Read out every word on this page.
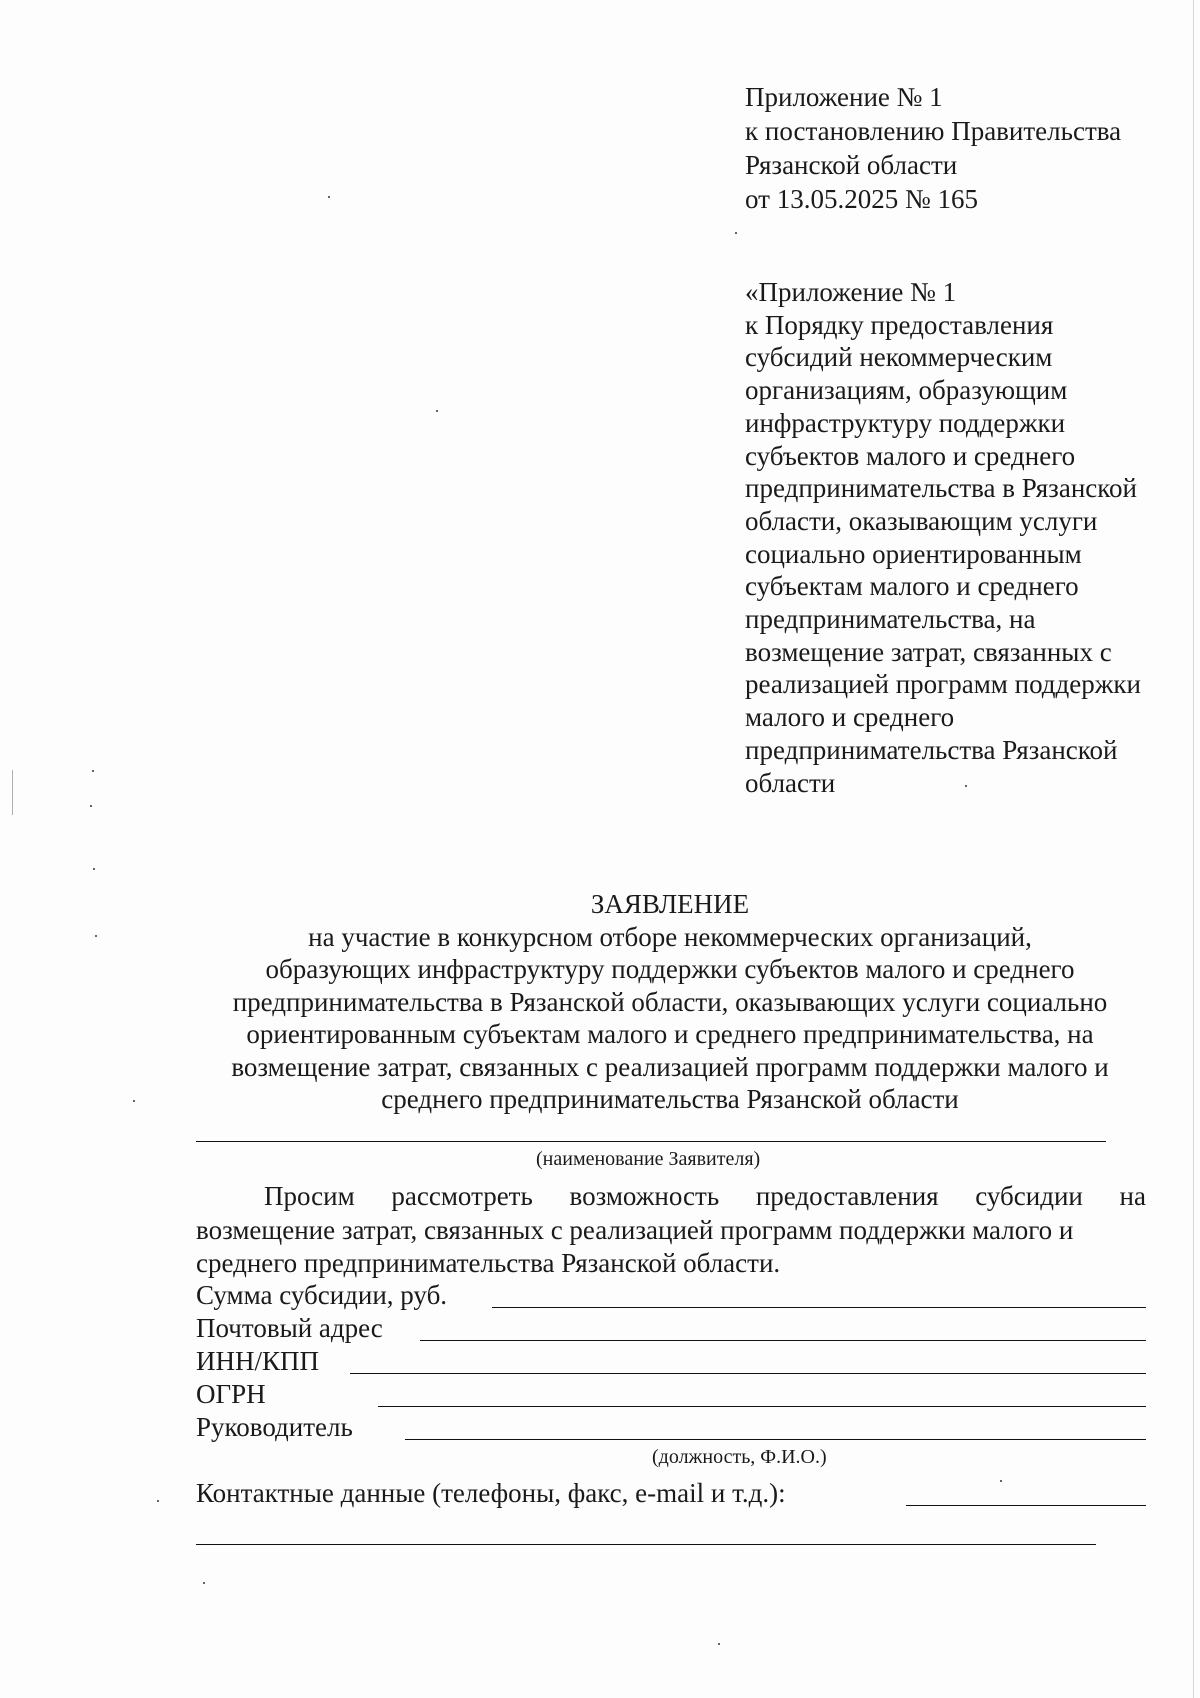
Приложение № 1
к постановлению Правительства
Рязанской области
от 13.05.2025 № 165
«Приложение № 1
к Порядку предоставления
субсидий некоммерческим
организациям, образующим
инфраструктуру поддержки
субъектов малого и среднего
предпринимательства в Рязанской
области, оказывающим услуги
социально ориентированным
субъектам малого и среднего
предпринимательства, на
возмещение затрат, связанных с
реализацией программ поддержки
малого и среднего
предпринимательства Рязанской
области
ЗАЯВЛЕНИЕ
на участие в конкурсном отборе некоммерческих организаций,
образующих инфраструктуру поддержки субъектов малого и среднего
предпринимательства в Рязанской области, оказывающих услуги социально
ориентированным субъектам малого и среднего предпринимательства, на
возмещение затрат, связанных с реализацией программ поддержки малого и
среднего предпринимательства Рязанской области
(наименование Заявителя)
Просим рассмотреть возможность предоставления субсидии на
возмещение затрат, связанных с реализацией программ поддержки малого и
среднего предпринимательства Рязанской области.
Сумма субсидии, руб.
Почтовый адрес
ИНН/КПП
ОГРН
Руководитель
(должность, Ф.И.О.)
Контактные данные (телефоны, факс, e-mail и т.д.):
